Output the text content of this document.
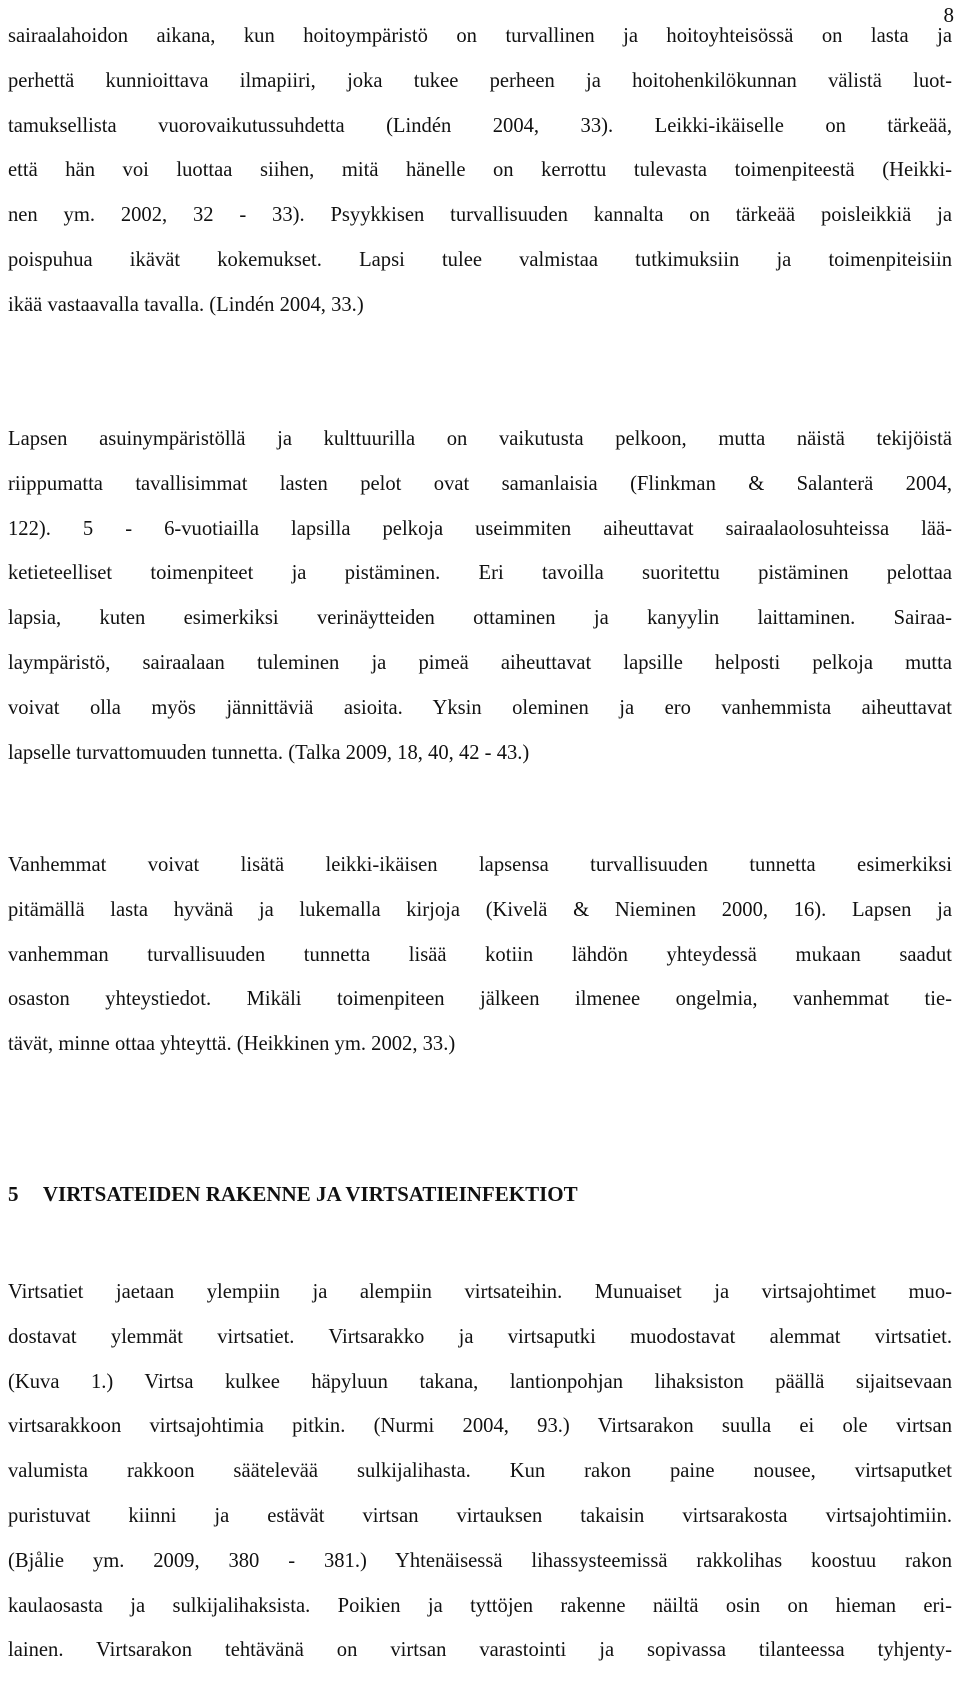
8

sairaalahoidon aikana, kun hoitoympäristö on turvallinen ja hoitoyhteisössä on lasta ja
perhettä kunnioittava ilmapiiri, joka tukee perheen ja hoitohenkilökunnan välistä luot-
tamuksellista vuorovaikutussuhdetta (Lindén 2004, 33). Leikki-ikäiselle on tärkeää,
että hän voi luottaa siihen, mitä hänelle on kerrottu tulevasta toimenpiteestä (Heikki-
nen ym. 2002, 32 - 33). Psyykkisen turvallisuuden kannalta on tärkeää poisleikkiä ja
poispuhua ikävät kokemukset. Lapsi tulee valmistaa tutkimuksiin ja toimenpiteisiin
ikää vastaavalla tavalla. (Lindén 2004, 33.)

Lapsen asuinympäristöllä ja kulttuurilla on vaikutusta pelkoon, mutta näistä tekijöistä
riippumatta tavallisimmat lasten pelot ovat samanlaisia (Flinkman & Salanterä 2004,
122). 5 - 6-vuotiailla lapsilla pelkoja useimmiten aiheuttavat sairaalaolosuhteissa lää-
ketieteelliset toimenpiteet ja pistäminen. Eri tavoilla suoritettu pistäminen pelottaa
lapsia, kuten esimerkiksi verinäytteiden ottaminen ja kanyylin laittaminen. Sairaa-
laympäristö, sairaalaan tuleminen ja pimeä aiheuttavat lapsille helposti pelkoja mutta
voivat olla myös jännittäviä asioita. Yksin oleminen ja ero vanhemmista aiheuttavat
lapselle turvattomuuden tunnetta. (Talka 2009, 18, 40, 42 - 43.)

Vanhemmat voivat lisätä leikki-ikäisen lapsensa turvallisuuden tunnetta esimerkiksi
pitämällä lasta hyvänä ja lukemalla kirjoja (Kivelä & Nieminen 2000, 16). Lapsen ja
vanhemman turvallisuuden tunnetta lisää kotiin lähdön yhteydessä mukaan saadut
osaston yhteystiedot. Mikäli toimenpiteen jälkeen ilmenee ongelmia, vanhemmat tie-
tävät, minne ottaa yhteyttä. (Heikkinen ym. 2002, 33.)

5 VIRTSATEIDEN RAKENNE JA VIRTSATIEINFEKTIOT

Virtsatiet jaetaan ylempiin ja alempiin virtsateihin. Munuaiset ja virtsajohtimet muo-
dostavat ylemmät virtsatiet. Virtsarakko ja virtsaputki muodostavat alemmat virtsatiet.
(Kuva 1.) Virtsa kulkee häpyluun takana, lantionpohjan lihaksiston päällä sijaitsevaan
virtsarakkoon virtsajohtimia pitkin. (Nurmi 2004, 93.) Virtsarakon suulla ei ole virtsan
valumista rakkoon säätelevää sulkijalihasta. Kun rakon paine nousee, virtsaputket
puristuvat kiinni ja estävät virtsan virtauksen takaisin virtsarakosta virtsajohtimiin.
(Bjålie ym. 2009, 380 - 381.) Yhtenäisessä lihassysteemissä rakkolihas koostuu rakon
kaulaosasta ja sulkijalihaksista. Poikien ja tyttöjen rakenne näiltä osin on hieman eri-
lainen. Virtsarakon tehtävänä on virtsan varastointi ja sopivassa tilanteessa tyhjenty-
